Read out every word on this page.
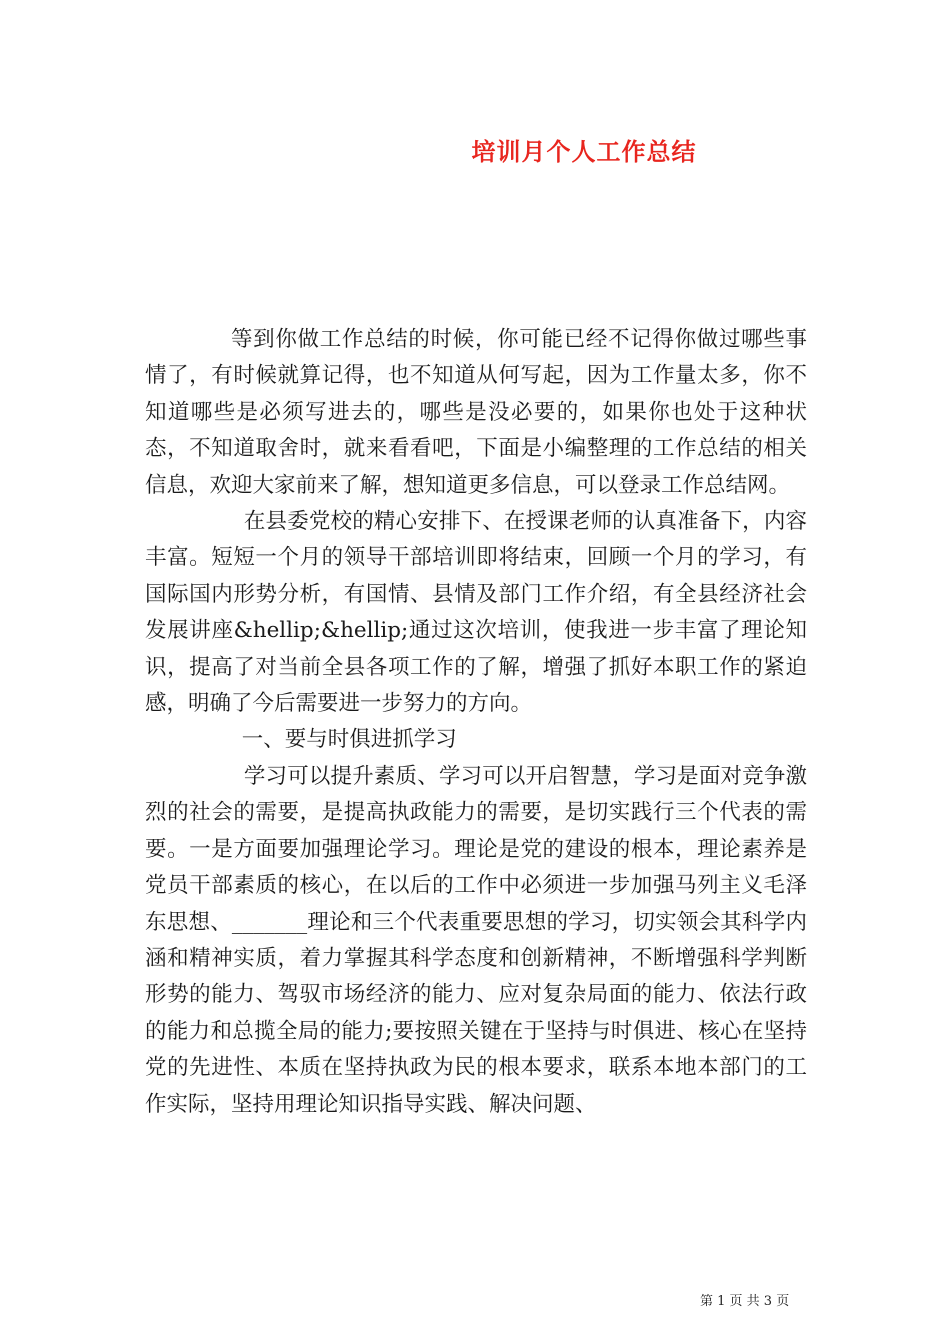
培训月个人工作总结

等到你做工作总结的时候，你可能已经不记得你做过哪些事情了，有时候就算记得，也不知道从何写起，因为工作量太多，你不知道哪些是必须写进去的，哪些是没必要的，如果你也处于这种状态，不知道取舍时，就来看看吧，下面是小编整理的工作总结的相关信息，欢迎大家前来了解，想知道更多信息，可以登录工作总结网。

在县委党校的精心安排下、在授课老师的认真准备下，内容丰富。短短一个月的领导干部培训即将结束，回顾一个月的学习，有国际国内形势分析，有国情、县情及部门工作介绍，有全县经济社会发展讲座&hellip;&hellip;通过这次培训，使我进一步丰富了理论知识，提高了对当前全县各项工作的了解，增强了抓好本职工作的紧迫感，明确了今后需要进一步努力的方向。

一、要与时俱进抓学习

学习可以提升素质、学习可以开启智慧，学习是面对竞争激烈的社会的需要，是提高执政能力的需要，是切实践行三个代表的需要。一是方面要加强理论学习。理论是党的建设的根本，理论素养是党员干部素质的核心，在以后的工作中必须进一步加强马列主义毛泽东思想、_______理论和三个代表重要思想的学习，切实领会其科学内涵和精神实质，着力掌握其科学态度和创新精神，不断增强科学判断形势的能力、驾驭市场经济的能力、应对复杂局面的能力、依法行政的能力和总揽全局的能力;要按照关键在于坚持与时俱进、核心在坚持党的先进性、本质在坚持执政为民的根本要求，联系本地本部门的工作实际，坚持用理论知识指导实践、解决问题、

第 1 页 共 3 页
